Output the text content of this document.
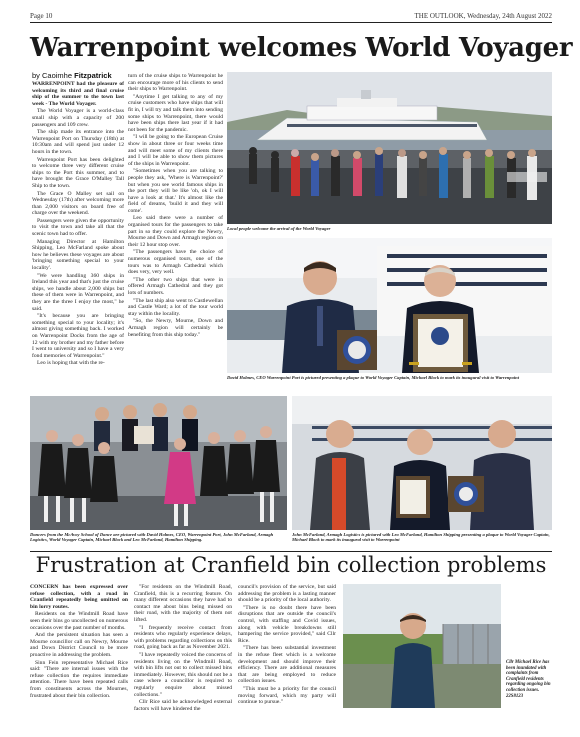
Page 10	THE OUTLOOK, Wednesday, 24th August 2022
Warrenpoint welcomes World Voyager
by Caoimhe Fitzpatrick

WARRENPOINT had the pleasure of welcoming its third and final cruise ship of the summer to the town last week - The World Voyager.

The World Voyager is a world-class small ship with a capacity of 200 passengers and 109 crew.

The ship made its entrance into the Warrenpoint Port on Thursday (18th) at 10:30am and will spend just under 12 hours in the town.

Warrenpoint Port has been delighted to welcome three very different cruise ships to the Port this summer, and to have brought the Grace O'Malley Tall Ship to the town.

The Grace O Malley set sail on Wednesday (17th) after welcoming more than 2,000 visitors on board free of charge over the weekend.

Passengers were given the opportunity to visit the town and take all that the scenic town had to offer.

Managing Director at Hamilton Shipping, Leo McFarland spoke about how he believes these voyages are about 'bringing something special to your locality'.

"We were handling 360 ships in Ireland this year and that's just the cruise ships, we handle about 2,000 ships but these of them were in Warrenpoint, and they are the three I enjoy the most," he said.

"It's because you are bringing something special to your locality; it's almost giving something back. I worked on Warrenpoint Docks from the age of 12 with my brother and my father before I went to university and so I have a very fond memories of Warrenpoint."

Leo is hoping that with the re-

turn of the cruise ships to Warrenpoint he can encourage more of his clients to send their ships to Warrenpoint.

"Anytime I get talking to any of my cruise customers who have ships that will fit in, I will try and talk them into sending some ships to Warrenpoint, there would have been ships there last year if it had not been for the pandemic.

"I will be going to the European Cruise show in about three or four weeks time and will meet some of my clients there and I will be able to show them pictures of the ships in Warrenpoint.

"Sometimes when you are talking to people they ask, 'Where is Warrenpoint?' but when you see world famous ships in the port they will be like 'oh, ok I will have a look at that.' It's almost like the field of dreams, 'build it and they will come'.

Leo said there were a number of organised tours for the passengers to take part in so they could explore the Newry, Mourne and Down and Armagh region on their 12 hour stop over.

"The passengers have the choice of numerous organised tours, one of the tours was to Armagh Cathedral which does very, very well.

"The other two ships that were in offered Armagh Cathedral and they got lots of numbers.

"The last ship also went to Castlewellan and Castle Ward; a lot of the tour world stay within the locality.

"So, the Newry, Mourne, Down and Armagh region will certainly be benefiting from this ship today."

Local people welcome the arrival of the World Voyager
David Holmes, CEO Warrenpoint Port is pictured presenting a plaque to World Voyager Captain, Michael Block to mark its inaugural visit to Warrenpoint
Dancers from the McAvoy School of Dance are pictured with David Holmes, CEO, Warrenpoint Port, John McFarland, Armagh Logistics, World Voyager Captain, Michael Block and Leo McFarland, Hamilton Shipping.
John McFarland, Armagh Logistics is pictured with Leo McFarland, Hamilton Shipping presenting a plaque to World Voyager Captain, Michael Block to mark its inaugural visit to Warrenpoint
Frustration at Cranfield bin collection problems

CONCERN has been expressed over refuse collection, with a road in Cranfield repeatedly being omitted on bin lorry routes.

Residents on the Windmill Road have seen their bins go uncollected on numerous occasions over the past number of months.

And the persistent situation has seen a Mourne councillor call on Newry, Mourne and Down District Council to be more proactive in addressing the problem.

Sinn Fein representative Michael Rice said: "There are internal issues with the refuse collection the requires immediate attention. There have been repeated calls from constituents across the Mournes, frustrated about their bin collection.

"For residents on the Windmill Road, Cranfield, this is a recurring feature. On many different occasions they have had to contact me about bins being missed on their road, with the majority of them not lifted.

"I frequently receive contact from residents who regularly experience delays, with problems regarding collections on this road, going back as far as November 2021.

"I have repeatedly voiced the concerns of residents living on the Windmill Road, with bin lifts not out to collect missed bins immediately. However, this should not be a case where a councillor is required to regularly enquire about missed collections."

Cllr Rice said he acknowledged external factors will have hindered the

council's provision of the service, but said addressing the problem is a lasting manner should be a priority of the local authority.

"There is no doubt there have been disruptions that are outside the council's control, with staffing and Covid issues, along with vehicle breakdowns still hampering the service provided," said Cllr Rice.

"There has been substantial investment in the refuse fleet which is a welcome development and should improve their efficiency. There are additional measures that are being employed to reduce collection issues.

"This must be a priority for the council moving forward, which my party will continue to pursue."

Cllr Michael Rice has been inundated with complaints from Cranfield residents regarding ongoing bin collection issues. 22S8123
